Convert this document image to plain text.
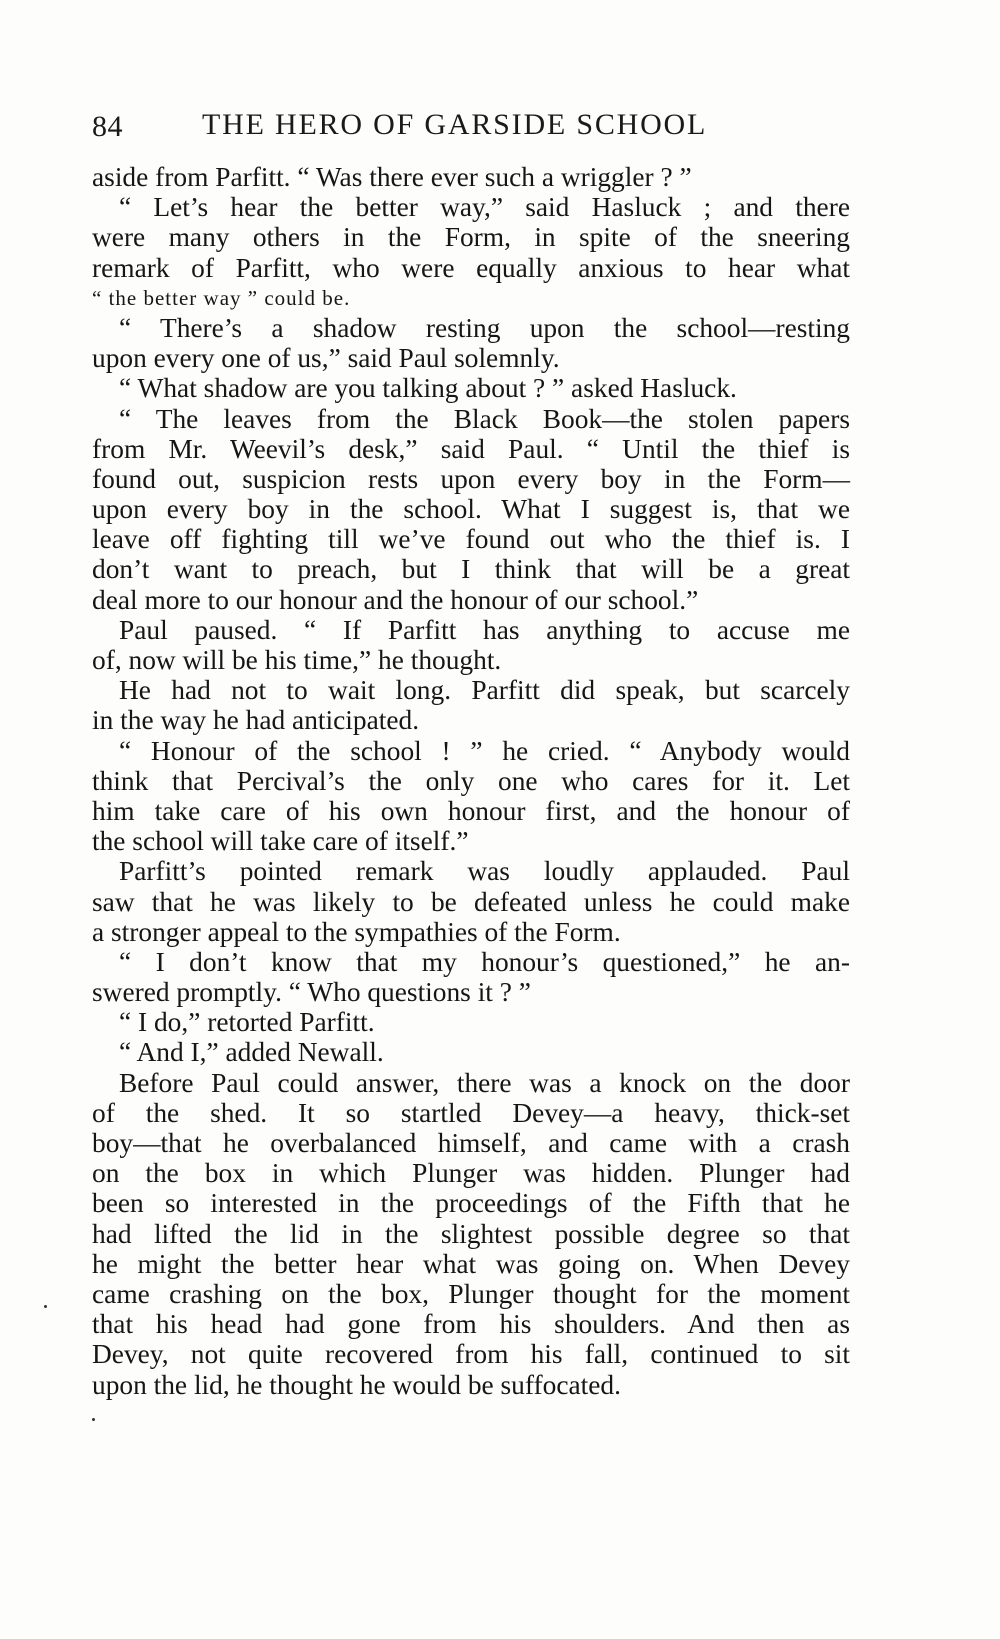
84	THE HERO OF GARSIDE SCHOOL
aside from Parfitt. “ Was there ever such a wriggler ? ”
“ Let’s hear the better way,” said Hasluck ; and there
were many others in the Form, in spite of the sneering
remark of Parfitt, who were equally anxious to hear what
“ the better way ” could be.
“ There’s a shadow resting upon the school—resting
upon every one of us,” said Paul solemnly.
“ What shadow are you talking about ? ” asked Hasluck.
“ The leaves from the Black Book—the stolen papers
from Mr. Weevil’s desk,” said Paul. “ Until the thief is
found out, suspicion rests upon every boy in the Form—
upon every boy in the school. What I suggest is, that we
leave off fighting till we’ve found out who the thief is. I
don’t want to preach, but I think that will be a great
deal more to our honour and the honour of our school.”
Paul paused. “ If Parfitt has anything to accuse me
of, now will be his time,” he thought.
He had not to wait long. Parfitt did speak, but scarcely
in the way he had anticipated.
“ Honour of the school ! ” he cried. “ Anybody would
think that Percival’s the only one who cares for it. Let
him take care of his own honour first, and the honour of
the school will take care of itself.”
Parfitt’s pointed remark was loudly applauded. Paul
saw that he was likely to be defeated unless he could make
a stronger appeal to the sympathies of the Form.
“ I don’t know that my honour’s questioned,” he an-
swered promptly. “ Who questions it ? ”
“ I do,” retorted Parfitt.
“ And I,” added Newall.
Before Paul could answer, there was a knock on the door
of the shed. It so startled Devey—a heavy, thick-set
boy—that he overbalanced himself, and came with a crash
on the box in which Plunger was hidden. Plunger had
been so interested in the proceedings of the Fifth that he
had lifted the lid in the slightest possible degree so that
he might the better hear what was going on. When Devey
came crashing on the box, Plunger thought for the moment
that his head had gone from his shoulders. And then as
Devey, not quite recovered from his fall, continued to sit
upon the lid, he thought he would be suffocated.
